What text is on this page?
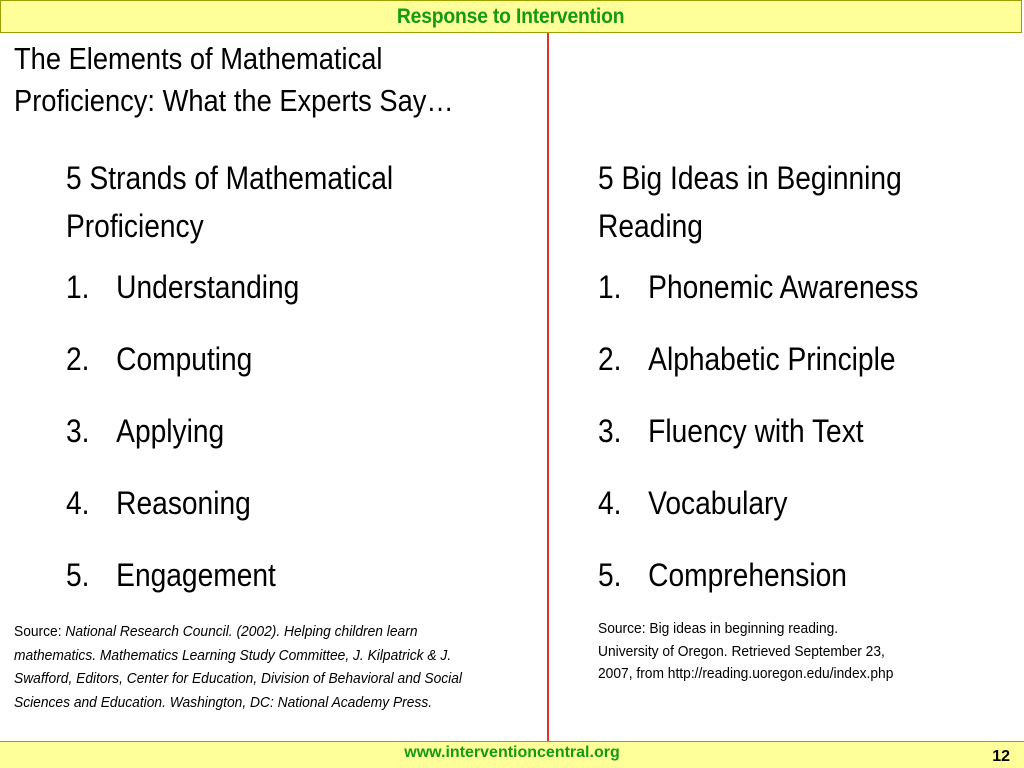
Response to Intervention
The Elements of Mathematical
Proficiency: What the Experts Say…
5 Strands of Mathematical
Proficiency
1. Understanding
2. Computing
3. Applying
4. Reasoning
5. Engagement
5 Big Ideas in Beginning
Reading
1. Phonemic Awareness
2. Alphabetic Principle
3. Fluency with Text
4. Vocabulary
5. Comprehension
Source: National Research Council. (2002). Helping children learn mathematics. Mathematics Learning Study Committee, J. Kilpatrick & J. Swafford, Editors, Center for Education, Division of Behavioral and Social Sciences and Education. Washington, DC: National Academy Press.
Source: Big ideas in beginning reading.
University of Oregon. Retrieved September 23,
2007, from http://reading.uoregon.edu/index.php
www.interventioncentral.org	12
